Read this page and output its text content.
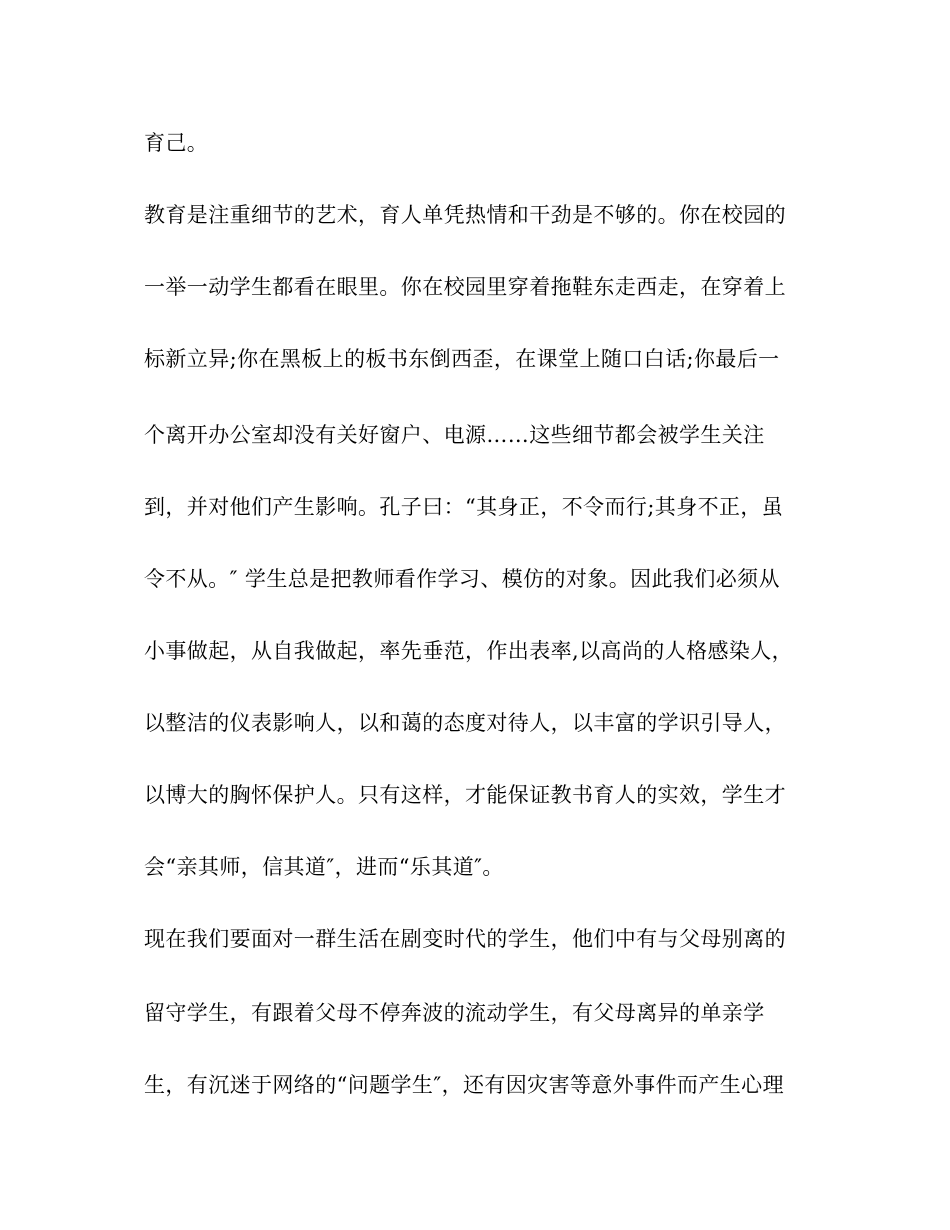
育己。
教育是注重细节的艺术，育人单凭热情和干劲是不够的。你在校园的
一举一动学生都看在眼里。你在校园里穿着拖鞋东走西走，在穿着上
标新立异;你在黑板上的板书东倒西歪，在课堂上随口白话;你最后一
个离开办公室却没有关好窗户、电源……这些细节都会被学生关注
到，并对他们产生影响。孔子曰：“其身正，不令而行;其身不正，虽
令不从。″ 学生总是把教师看作学习、模仿的对象。因此我们必须从
小事做起，从自我做起，率先垂范，作出表率,以高尚的人格感染人，
以整洁的仪表影响人，以和蔼的态度对待人，以丰富的学识引导人，
以博大的胸怀保护人。只有这样，才能保证教书育人的实效，学生才
会“亲其师，信其道″，进而“乐其道″。
现在我们要面对一群生活在剧变时代的学生，他们中有与父母别离的
留守学生，有跟着父母不停奔波的流动学生，有父母离异的单亲学
生，有沉迷于网络的“问题学生″，还有因灾害等意外事件而产生心理
